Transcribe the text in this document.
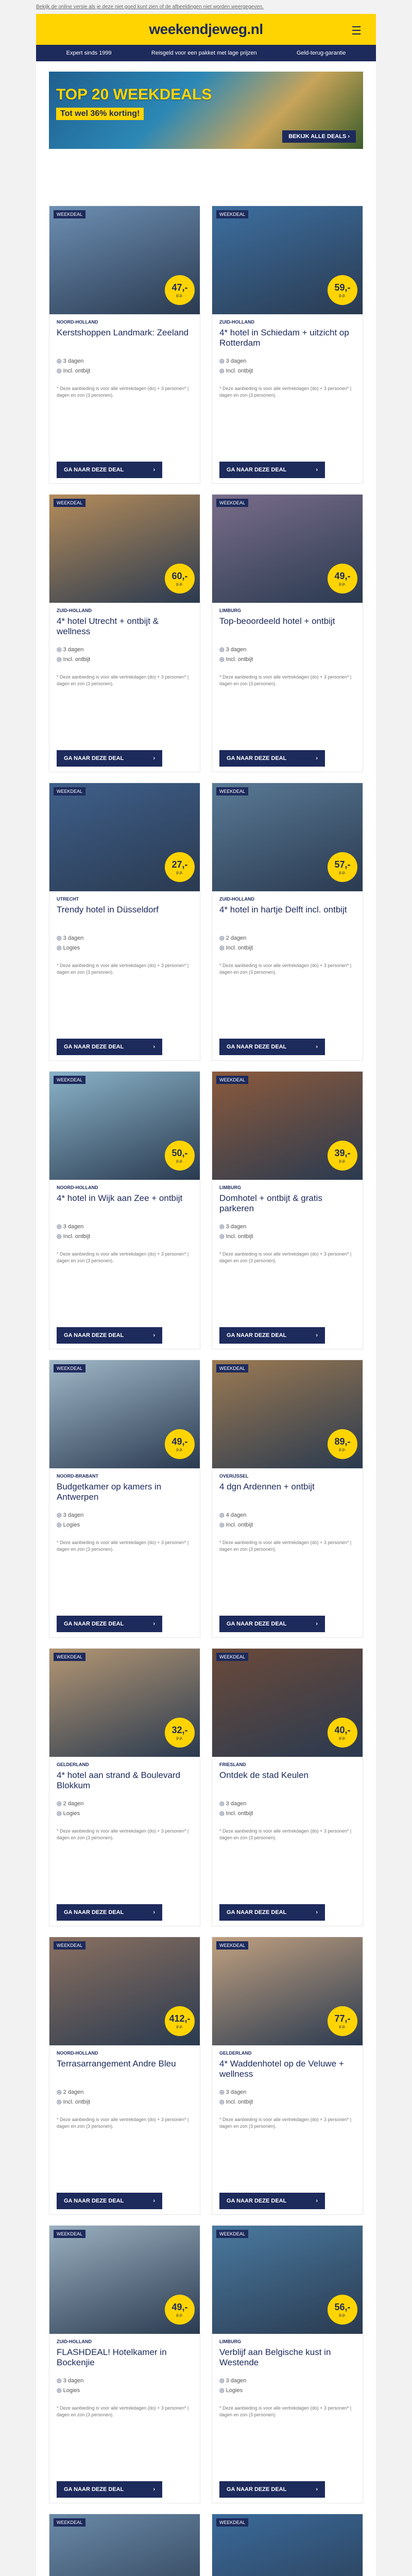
Bekijk de online versie als je deze niet goed kunt zien of de afbeeldingen niet worden weergegeven.
weekendjeweg.nl	☰
Expert sinds 1999	Reisgeld voor een pakket met lage prijzen	Geld-terug-garantie
TOP 20 WEEKDEALS
Tot wel 36% korting!
BEKIJK ALLE DEALS ›
WEEKDEAL
47,-
p.p.
NOORD-HOLLAND
Kerstshoppen Landmark: Zeeland
◎ 3 dagen
◎ Incl. ontbijt
* Deze aanbieding is voor alle vertrekdagen (do) + 3 personen* | dagen en zon (3 personen).
GA NAAR DEZE DEAL	›
WEEKDEAL
59,-
p.p.
ZUID-HOLLAND
4* hotel in Schiedam + uitzicht op Rotterdam
◎ 3 dagen
◎ Incl. ontbijt
* Deze aanbieding is voor alle vertrekdagen (do) + 3 personen* | dagen en zon (3 personen).
GA NAAR DEZE DEAL	›
WEEKDEAL
60,-
p.p.
ZUID-HOLLAND
4* hotel Utrecht + ontbijt & wellness
◎ 3 dagen
◎ Incl. ontbijt
* Deze aanbieding is voor alle vertrekdagen (do) + 3 personen* | dagen en zon (3 personen).
GA NAAR DEZE DEAL	›
WEEKDEAL
49,-
p.p.
LIMBURG
Top-beoordeeld hotel + ontbijt
◎ 3 dagen
◎ Incl. ontbijt
* Deze aanbieding is voor alle vertrekdagen (do) + 3 personen* | dagen en zon (3 personen).
GA NAAR DEZE DEAL	›
WEEKDEAL
27,-
p.p.
UTRECHT
Trendy hotel in Düsseldorf
◎ 3 dagen
◎ Logies
* Deze aanbieding is voor alle vertrekdagen (do) + 3 personen* | dagen en zon (3 personen).
GA NAAR DEZE DEAL	›
WEEKDEAL
57,-
p.p.
ZUID-HOLLAND
4* hotel in hartje Delft incl. ontbijt
◎ 2 dagen
◎ Incl. ontbijt
* Deze aanbieding is voor alle vertrekdagen (do) + 3 personen* | dagen en zon (3 personen).
GA NAAR DEZE DEAL	›
WEEKDEAL
50,-
p.p.
NOORD-HOLLAND
4* hotel in Wijk aan Zee + ontbijt
◎ 3 dagen
◎ Incl. ontbijt
* Deze aanbieding is voor alle vertrekdagen (do) + 3 personen* | dagen en zon (3 personen).
GA NAAR DEZE DEAL	›
WEEKDEAL
39,-
p.p.
LIMBURG
Domhotel + ontbijt & gratis parkeren
◎ 3 dagen
◎ Incl. ontbijt
* Deze aanbieding is voor alle vertrekdagen (do) + 3 personen* | dagen en zon (3 personen).
GA NAAR DEZE DEAL	›
WEEKDEAL
49,-
p.p.
NOORD-BRABANT
Budgetkamer op kamers in Antwerpen
◎ 3 dagen
◎ Logies
* Deze aanbieding is voor alle vertrekdagen (do) + 3 personen* | dagen en zon (3 personen).
GA NAAR DEZE DEAL	›
WEEKDEAL
89,-
p.p.
OVERIJSSEL
4 dgn Ardennen + ontbijt
◎ 4 dagen
◎ Incl. ontbijt
* Deze aanbieding is voor alle vertrekdagen (do) + 3 personen* | dagen en zon (3 personen).
GA NAAR DEZE DEAL	›
WEEKDEAL
32,-
p.p.
GELDERLAND
4* hotel aan strand & Boulevard Blokkum
◎ 2 dagen
◎ Logies
* Deze aanbieding is voor alle vertrekdagen (do) + 3 personen* | dagen en zon (3 personen).
GA NAAR DEZE DEAL	›
WEEKDEAL
40,-
p.p.
FRIESLAND
Ontdek de stad Keulen
◎ 3 dagen
◎ Incl. ontbijt
* Deze aanbieding is voor alle vertrekdagen (do) + 3 personen* | dagen en zon (3 personen).
GA NAAR DEZE DEAL	›
WEEKDEAL
412,-
p.p.
NOORD-HOLLAND
Terrasarrangement Andre Bleu
◎ 2 dagen
◎ Incl. ontbijt
* Deze aanbieding is voor alle vertrekdagen (do) + 3 personen* | dagen en zon (3 personen).
GA NAAR DEZE DEAL	›
WEEKDEAL
77,-
p.p.
GELDERLAND
4* Waddenhotel op de Veluwe + wellness
◎ 3 dagen
◎ Incl. ontbijt
* Deze aanbieding is voor alle vertrekdagen (do) + 3 personen* | dagen en zon (3 personen).
GA NAAR DEZE DEAL	›
WEEKDEAL
49,-
p.p.
ZUID-HOLLAND
FLASHDEAL! Hotelkamer in Bockenjie
◎ 3 dagen
◎ Logies
* Deze aanbieding is voor alle vertrekdagen (do) + 3 personen* | dagen en zon (3 personen).
GA NAAR DEZE DEAL	›
WEEKDEAL
56,-
p.p.
LIMBURG
Verblijf aan Belgische kust in Westende
◎ 3 dagen
◎ Logies
* Deze aanbieding is voor alle vertrekdagen (do) + 3 personen* | dagen en zon (3 personen).
GA NAAR DEZE DEAL	›
WEEKDEAL	WEEKDEAL
